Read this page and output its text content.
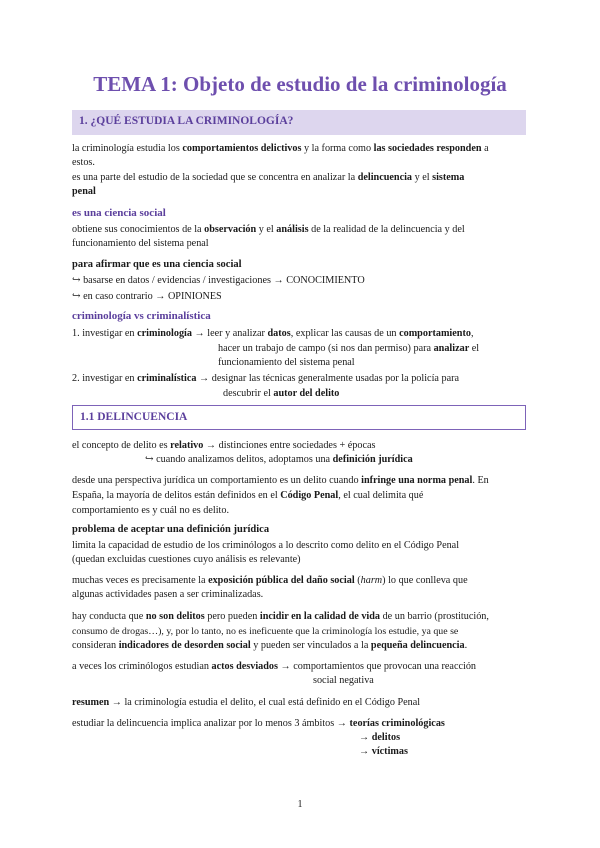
TEMA 1: Objeto de estudio de la criminología
1. ¿QUÉ ESTUDIA LA CRIMINOLOGÍA?
la criminología estudia los comportamientos delictivos y la forma como las sociedades responden a
estos.
es una parte del estudio de la sociedad que se concentra en analizar la delincuencia y el sistema
penal
es una ciencia social
obtiene sus conocimientos de la observación y el análisis de la realidad de la delincuencia y del
funcionamiento del sistema penal
para afirmar que es una ciencia social
↪ basarse en datos / evidencias / investigaciones → CONOCIMIENTO
↪ en caso contrario → OPINIONES
criminología vs criminalística
1. investigar en criminología → leer y analizar datos, explicar las causas de un comportamiento,
hacer un trabajo de campo (si nos dan permiso) para analizar el
funcionamiento del sistema penal
2. investigar en criminalística → designar las técnicas generalmente usadas por la policía para
descubrir el autor del delito
1.1 DELINCUENCIA
el concepto de delito es relativo → distinciones entre sociedades + épocas
↪ cuando analizamos delitos, adoptamos una definición jurídica
desde una perspectiva jurídica un comportamiento es un delito cuando infringe una norma penal. En
España, la mayoría de delitos están definidos en el Código Penal, el cual delimita qué
comportamiento es y cuál no es delito.
problema de aceptar una definición jurídica
limita la capacidad de estudio de los criminólogos a lo descrito como delito en el Código Penal
(quedan excluidas cuestiones cuyo análisis es relevante)
muchas veces es precisamente la exposición pública del daño social (harm) lo que conlleva que
algunas actividades pasen a ser criminalizadas.
hay conducta que no son delitos pero pueden incidir en la calidad de vida de un barrio (prostitución,
consumo de drogas…), y, por lo tanto, no es ineficuente que la criminología los estudie, ya que se
consideran indicadores de desorden social y pueden ser vinculados a la pequeña delincuencia.
a veces los criminólogos estudian actos desviados → comportamientos que provocan una reacción
social negativa
resumen → la criminología estudia el delito, el cual está definido en el Código Penal
estudiar la delincuencia implica analizar por lo menos 3 ámbitos → teorías criminológicas
→ delitos
→ víctimas
1
